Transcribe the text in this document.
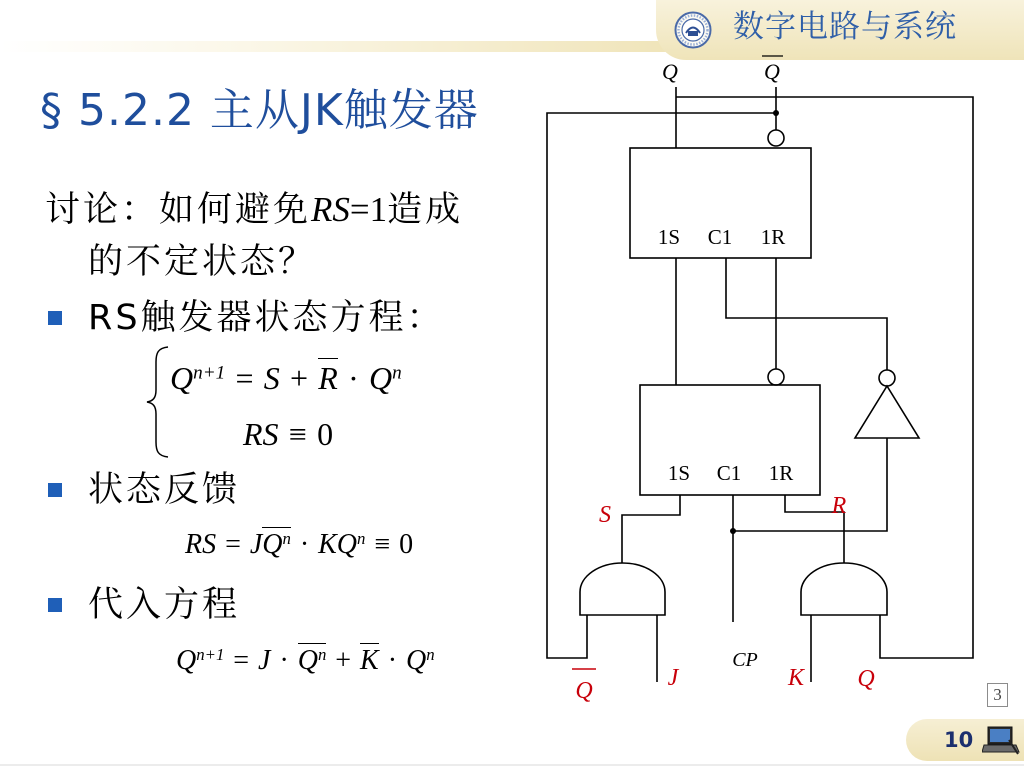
数字电路与系统
§ 5.2.2 主从JK触发器
讨论：如何避免RS=1造成
的不定状态？
RS触发器状态方程：
状态反馈
代入方程
$Q^{n+1} = S + R \cdot Q^n$
RS ≡ 0
RS = $JQ^n \cdot KQ^n \equiv 0$
$Q^{n+1} = J \cdot Q^n + K \cdot Q^n$
Q	Q
1S C1 1R
1S C1 1R
S	R
Q	J
CP
K Q
3
10
